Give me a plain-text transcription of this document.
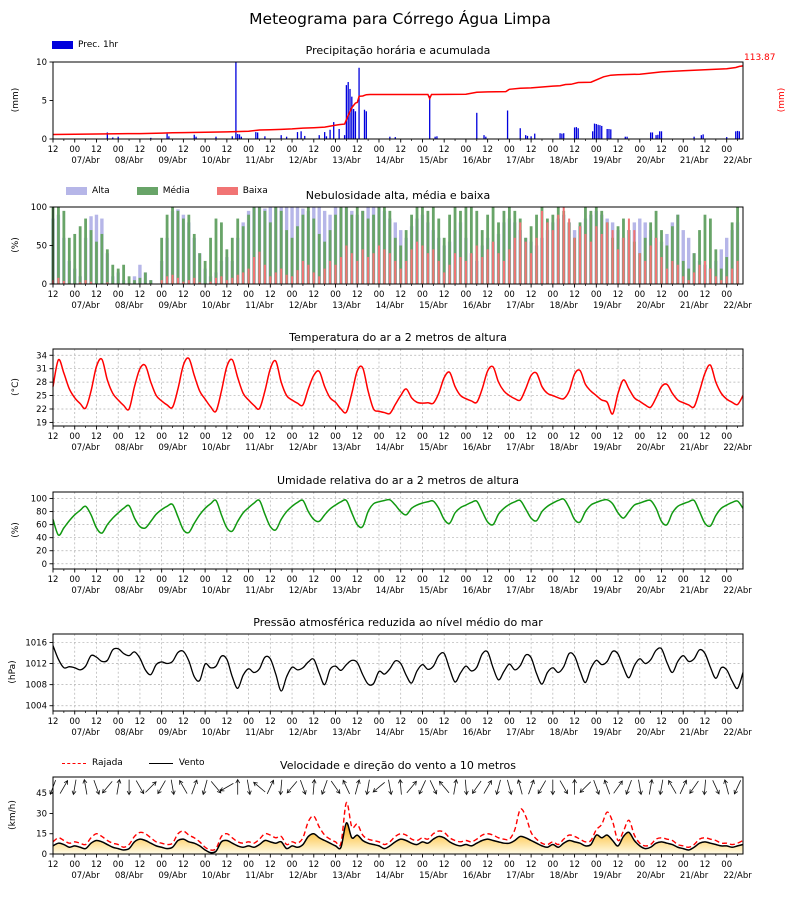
0
5
10
12 00 12 00 12 00 12 00 12 00 12 00 12 00 12 00 12 00 12 00 12 00 12 00 12 00 12 00 12 00 12 00
07/Abr 08/Abr 09/Abr 10/Abr 11/Abr 12/Abr 13/Abr 14/Abr 15/Abr 16/Abr 17/Abr 18/Abr 19/Abr 20/Abr 21/Abr 22/Abr
0
50
100
12 00 12 00 12 00 12 00 12 00 12 00 12 00 12 00 12 00 12 00 12 00 12 00 12 00 12 00 12 00 12 00
07/Abr 08/Abr 09/Abr 10/Abr 11/Abr 12/Abr 13/Abr 14/Abr 15/Abr 16/Abr 17/Abr 18/Abr 19/Abr 20/Abr 21/Abr 22/Abr
19
22
25
28
31
34
12 00 12 00 12 00 12 00 12 00 12 00 12 00 12 00 12 00 12 00 12 00 12 00 12 00 12 00 12 00 12 00
07/Abr 08/Abr 09/Abr 10/Abr 11/Abr 12/Abr 13/Abr 14/Abr 15/Abr 16/Abr 17/Abr 18/Abr 19/Abr 20/Abr 21/Abr 22/Abr
0
20
40
60
80
100
12 00 12 00 12 00 12 00 12 00 12 00 12 00 12 00 12 00 12 00 12 00 12 00 12 00 12 00 12 00 12 00
07/Abr 08/Abr 09/Abr 10/Abr 11/Abr 12/Abr 13/Abr 14/Abr 15/Abr 16/Abr 17/Abr 18/Abr 19/Abr 20/Abr 21/Abr 22/Abr
1004
1008
1012
1016
12 00 12 00 12 00 12 00 12 00 12 00 12 00 12 00 12 00 12 00 12 00 12 00 12 00 12 00 12 00 12 00
07/Abr 08/Abr 09/Abr 10/Abr 11/Abr 12/Abr 13/Abr 14/Abr 15/Abr 16/Abr 17/Abr 18/Abr 19/Abr 20/Abr 21/Abr 22/Abr
0
15
30
45
12 00 12 00 12 00 12 00 12 00 12 00 12 00 12 00 12 00 12 00 12 00 12 00 12 00 12 00 12 00 12 00
07/Abr 08/Abr 09/Abr 10/Abr 11/Abr 12/Abr 13/Abr 14/Abr 15/Abr 16/Abr 17/Abr 18/Abr 19/Abr 20/Abr 21/Abr 22/Abr
Meteograma para Córrego Água Limpa
Precipitação horária e acumulada
Nebulosidade alta, média e baixa
Temperatura do ar a 2 metros de altura
Umidade relativa do ar a 2 metros de altura
Pressão atmosférica reduzida ao nível médio do mar
Velocidade e direção do vento a 10 metros
(mm)
(%)
(°C)
(%)
(hPa)
(km/h)
(mm)
113.87
Prec. 1hr
Alta	Média	Baixa
Rajada	Vento
